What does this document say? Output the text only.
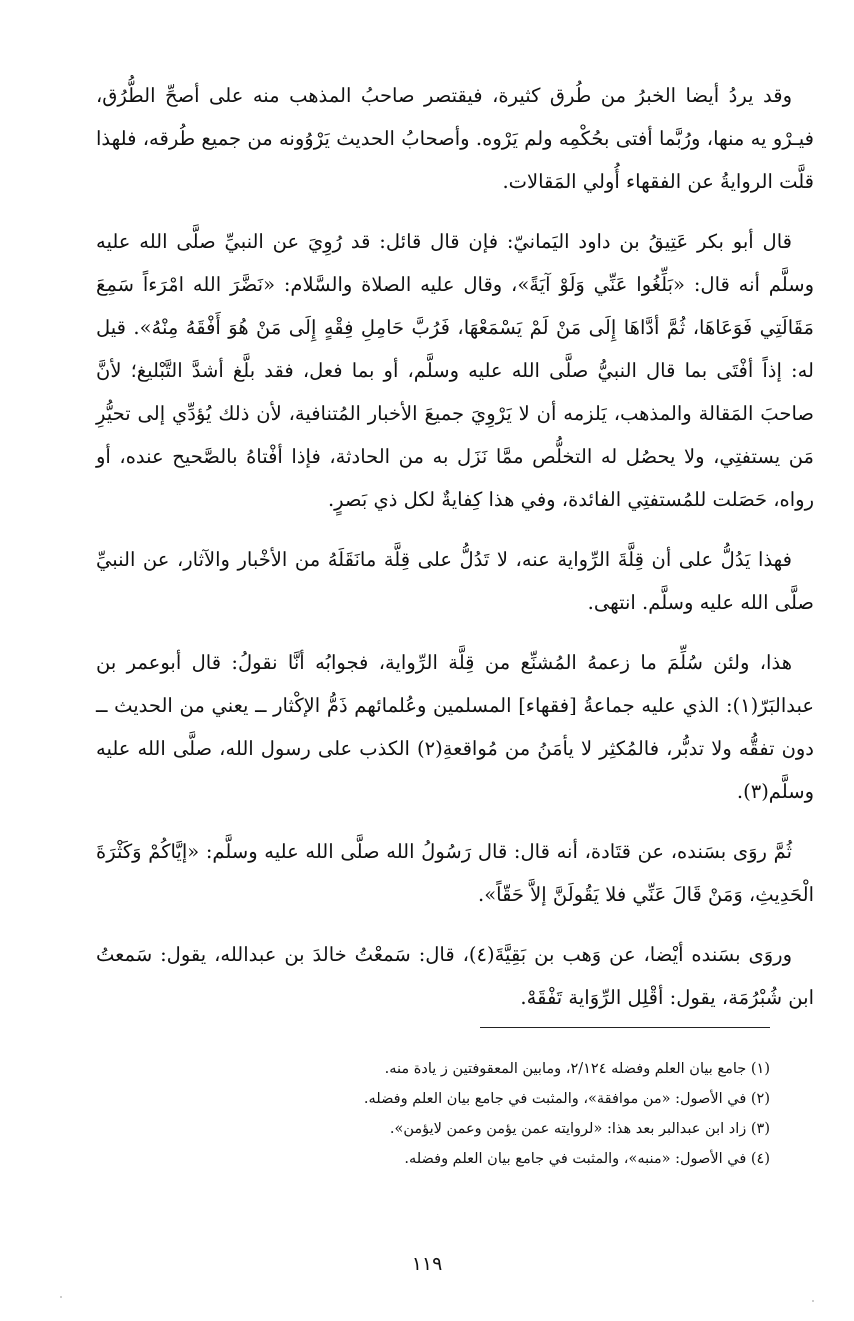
وقد يردُ أيضا الخبرُ من طُرق كثيرة، فيقتصر صاحبُ المذهب منه على أصحِّ الطُّرُق، فيـرْو يه منها، ورُبَّما أفتى بحُكْمِه ولم يَرْوه. وأصحابُ الحديث يَرْوُونه من جميع طُرقه، فلهذا قلَّت الروايةُ عن الفقهاء أُولي المَقالات.

قال أبو بكر عَتِيقُ بن داود اليَمانيّ: فإن قال قائل: قد رُوِيَ عن النبيِّ صلَّى الله عليه وسلَّم أنه قال: «بَلِّغُوا عَنِّي وَلَوْ آيَةً»، وقال عليه الصلاة والسَّلام: «نَضَّرَ الله امْرَءاً سَمِعَ مَقَالَتِي فَوَعَاهَا، ثُمَّ أدَّاهَا إِلَى مَنْ لَمْ يَسْمَعْهَا، فَرُبَّ حَامِلِ فِقْهٍ إِلَى مَنْ هُوَ أَفْقَهُ مِنْهُ». قيل له: إذاً أفْتَى بما قال النبيُّ صلَّى الله عليه وسلَّم، أو بما فعل، فقد بلَّغ أشدَّ التَّبْليغ؛ لأنَّ صاحبَ المَقالة والمذهب، يَلزمه أن لا يَرْوِيَ جميعَ الأخبار المُتنافية، لأن ذلك يُؤدِّي إلى تحيُّرِ مَن يستفتِي، ولا يحصُل له التخلُّص ممَّا نَزَل به من الحادثة، فإذا أفْتاهُ بالصَّحيح عنده، أو رواه، حَصَلت للمُستفتِي الفائدة، وفي هذا كِفايةٌ لكل ذي بَصرٍ.

فهذا يَدُلُّ على أن قِلَّةَ الرِّواية عنه، لا تَدُلُّ على قِلَّة مانَقَلَهُ من الأخْبار والآثار، عن النبيِّ صلَّى الله عليه وسلَّم. انتهى.

هذا، ولئن سُلِّمَ ما زعمهُ المُشنِّع من قِلَّة الرِّواية، فجوابُه أنَّا نقولُ: قال أبوعمر بن عبدالبَرّ(١): الذي عليه جماعةُ [فقهاء] المسلمين وعُلمائهم ذَمُّ الإكْثار ــ يعني من الحديث ــ دون تفقُّه ولا تدبُّر، فالمُكثِر لا يأمَنُ من مُواقعةِ(٢) الكذب على رسول الله، صلَّى الله عليه وسلَّم(٣).

ثُمَّ روَى بسَنده، عن قتَادة، أنه قال: قال رَسُولُ الله صلَّى الله عليه وسلَّم: «إيَّاكُمْ وَكَثْرَةَ الْحَدِيثِ، وَمَنْ قَالَ عَنِّي فلا يَقُولَنَّ إلاَّ حَقّاً».

وروَى بسَنده أيْضا، عن وَهب بن بَقِيَّةَ(٤)، قال: سَمعْتُ خالدَ بن عبدالله، يقول: سَمعتُ ابن شُبْرُمَة، يقول: أقْلِل الرِّوَاية تَفْقَهْ.

(١) جامع بيان العلم وفضله ٢/١٢٤، ومابين المعقوفتين ز يادة منه.

(٢) في الأصول: «من موافقة»، والمثبت في جامع بيان العلم وفضله.

(٣) زاد ابن عبدالبر بعد هذا: «لروايته عمن يؤمن وعمن لايؤمن».

(٤) في الأصول: «منبه»، والمثبت في جامع بيان العلم وفضله.

١١٩
